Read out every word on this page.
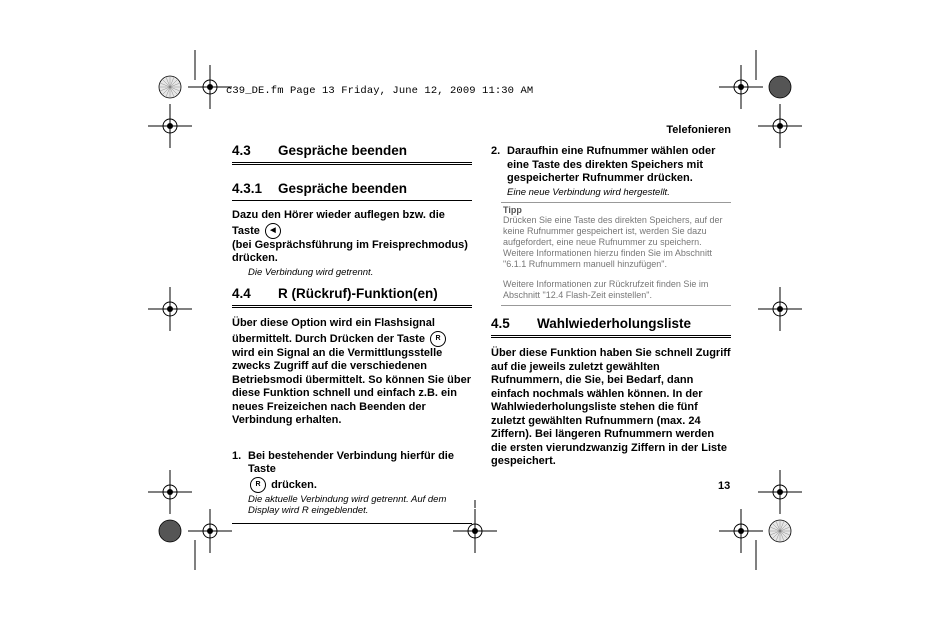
c39_DE.fm Page 13 Friday, June 12, 2009 11:30 AM
Telefonieren
13
4.3 Gespräche beenden
4.3.1 Gespräche beenden
Dazu den Hörer wieder auflegen bzw. die Taste ◀
(bei Gesprächsführung im Freisprechmodus) drücken.
Die Verbindung wird getrennt.
4.4 R (Rückruf)-Funktion(en)
Über diese Option wird ein Flashsignal übermittelt. Durch Drücken der Taste R wird ein Signal an die Vermittlungsstelle zwecks Zugriff auf die verschiedenen Betriebsmodi übermittelt. So können Sie über diese Funktion schnell und einfach z.B. ein neues Freizeichen nach Beenden der Verbindung erhalten.
1. Bei bestehender Verbindung hierfür die Taste
R drücken.
Die aktuelle Verbindung wird getrennt. Auf dem Display wird R eingeblendet.
2. Daraufhin eine Rufnummer wählen oder eine Taste des direkten Speichers mit gespeicherter Rufnummer drücken.
Eine neue Verbindung wird hergestellt.
Tipp
Drücken Sie eine Taste des direkten Speichers, auf der keine Rufnummer gespeichert ist, werden Sie dazu aufgefordert, eine neue Rufnummer zu speichern. Weitere Informationen hierzu finden Sie im Abschnitt "6.1.1 Rufnummern manuell hinzufügen".
Weitere Informationen zur Rückrufzeit finden Sie im Abschnitt "12.4 Flash-Zeit einstellen".
4.5 Wahlwiederholungsliste
Über diese Funktion haben Sie schnell Zugriff auf die jeweils zuletzt gewählten Rufnummern, die Sie, bei Bedarf, dann einfach nochmals wählen können. In der Wahlwiederholungsliste stehen die fünf zuletzt gewählten Rufnummern (max. 24 Ziffern). Bei längeren Rufnummern werden die ersten vierundzwanzig Ziffern in der Liste gespeichert.
